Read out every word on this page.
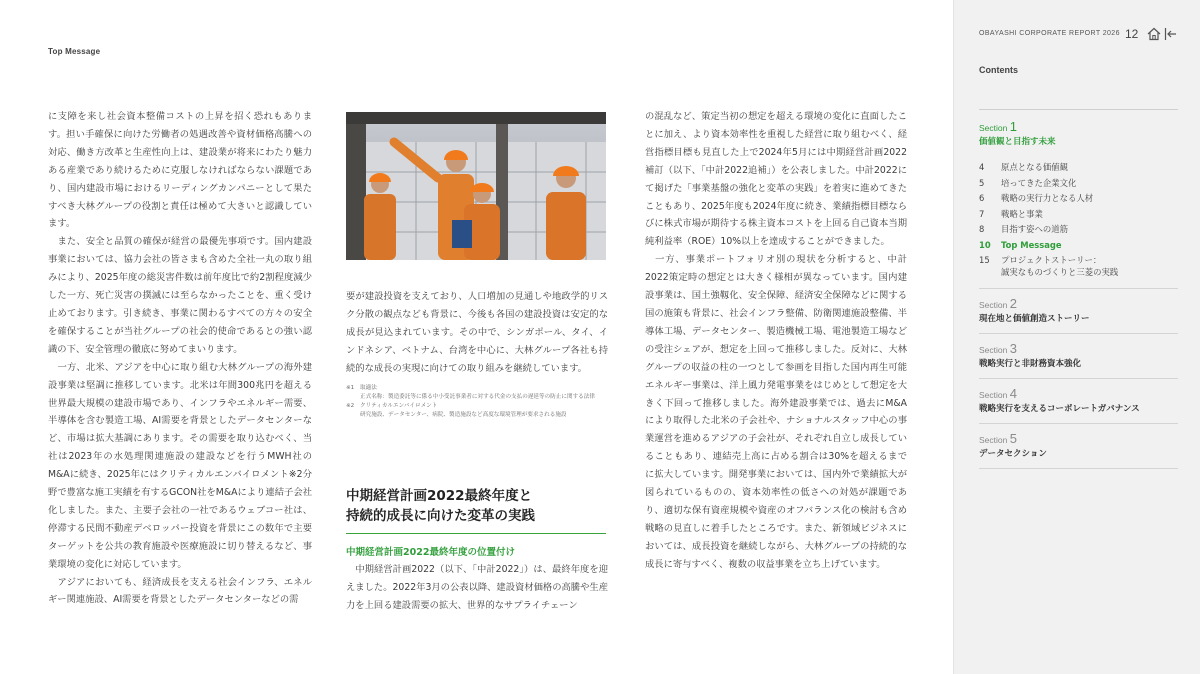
Top Message

に支障を来し社会資本整備コストの上昇を招く恐れもあります。担い手確保に向けた労働者の処遇改善や資材価格高騰への対応、働き方改革と生産性向上は、建設業が将来にわたり魅力ある産業であり続けるために克服しなければならない課題であり、国内建設市場におけるリーディングカンパニーとして果たすべき大林グループの役割と責任は極めて大きいと認識しています。

　また、安全と品質の確保が経営の最優先事項です。国内建設事業においては、協力会社の皆さまも含めた全社一丸の取り組みにより、2025年度の総災害件数は前年度比で約2割程度減少した一方、死亡災害の撲滅には至らなかったことを、重く受け止めております。引き続き、事業に関わるすべての方々の安全を確保することが当社グループの社会的使命であるとの強い認識の下、安全管理の徹底に努めてまいります。

　一方、北米、アジアを中心に取り組む大林グループの海外建設事業は堅調に推移しています。北米は年間300兆円を超える世界最大規模の建設市場であり、インフラやエネルギー需要、半導体を含む製造工場、AI需要を背景としたデータセンターなど、市場は拡大基調にあります。その需要を取り込むべく、当社は2023年の水処理関連施設の建設などを行うMWH社のM&Aに続き、2025年にはクリティカルエンバイロメント※2分野で豊富な施工実績を有するGCON社をM&Aにより連結子会社化しました。また、主要子会社の一社であるウェブコー社は、停滞する民間不動産デベロッパー投資を背景にこの数年で主要ターゲットを公共の教育施設や医療施設に切り替えるなど、事業環境の変化に対応しています。

　アジアにおいても、経済成長を支える社会インフラ、エネルギー関連施設、AI需要を背景としたデータセンターなどの需

要が建設投資を支えており、人口増加の見通しや地政学的リスク分散の観点なども背景に、今後も各国の建設投資は安定的な成長が見込まれています。その中で、シンガポール、タイ、インドネシア、ベトナム、台湾を中心に、大林グループ各社も持続的な成長の実現に向けての取り組みを継続しています。
※1 取適法
正式名称：製造委託等に係る中小受託事業者に対する代金の支払の遅延等の防止に関する法律
※2 クリティカルエンバイロメント
研究施設、データセンター、病院、製造施設など高度な環境管理が要求される施設
中期経営計画2022最終年度と
持続的成長に向けた変革の実践
中期経営計画2022最終年度の位置付け
　中期経営計画2022（以下、「中計2022」）は、最終年度を迎えました。2022年3月の公表以降、建設資材価格の高騰や生産力を上回る建設需要の拡大、世界的なサプライチェーン

の混乱など、策定当初の想定を超える環境の変化に直面したことに加え、より資本効率性を重視した経営に取り組むべく、経営指標目標も見直した上で2024年5月には中期経営計画2022 補訂（以下、「中計2022追補」）を公表しました。中計2022にて掲げた「事業基盤の強化と変革の実践」を着実に進めてきたこともあり、2025年度も2024年度に続き、業績指標目標ならびに株式市場が期待する株主資本コストを上回る自己資本当期純利益率（ROE）10%以上を達成することができました。

　一方、事業ポートフォリオ別の現状を分析すると、中計2022策定時の想定とは大きく様相が異なっています。国内建設事業は、国土強靱化、安全保障、経済安全保障などに関する国の施策も背景に、社会インフラ整備、防衛関連施設整備、半導体工場、データセンター、製造機械工場、電池製造工場などの受注シェアが、想定を上回って推移しました。反対に、大林グループの収益の柱の一つとして参画を目指した国内再生可能エネルギー事業は、洋上風力発電事業をはじめとして想定を大きく下回って推移しました。海外建設事業では、過去にM&Aにより取得した北米の子会社や、ナショナルスタッフ中心の事業運営を進めるアジアの子会社が、それぞれ自立し成長していることもあり、連結売上高に占める割合は30%を超えるまでに拡大しています。開発事業においては、国内外で業績拡大が図られているものの、資本効率性の低さへの対処が課題であり、適切な保有資産規模や資産のオフバランス化の検討も含め戦略の見直しに着手したところです。また、新領域ビジネスにおいては、成長投資を継続しながら、大林グループの持続的な成長に寄与すべく、複数の収益事業を立ち上げています。

OBAYASHI CORPORATE REPORT 2026 12
Contents
Section 1
価値観と目指す未来
4	原点となる価値観
5	培ってきた企業文化
6	戦略の実行力となる人材
7	戦略と事業
8	目指す姿への道筋
10	Top Message
15	プロジェクトストーリー：
誠実なものづくりと三菱の実践
Section 2
現在地と価値創造ストーリー
Section 3
戦略実行と非財務資本強化
Section 4
戦略実行を支えるコーポレートガバナンス
Section 5
データセクション
